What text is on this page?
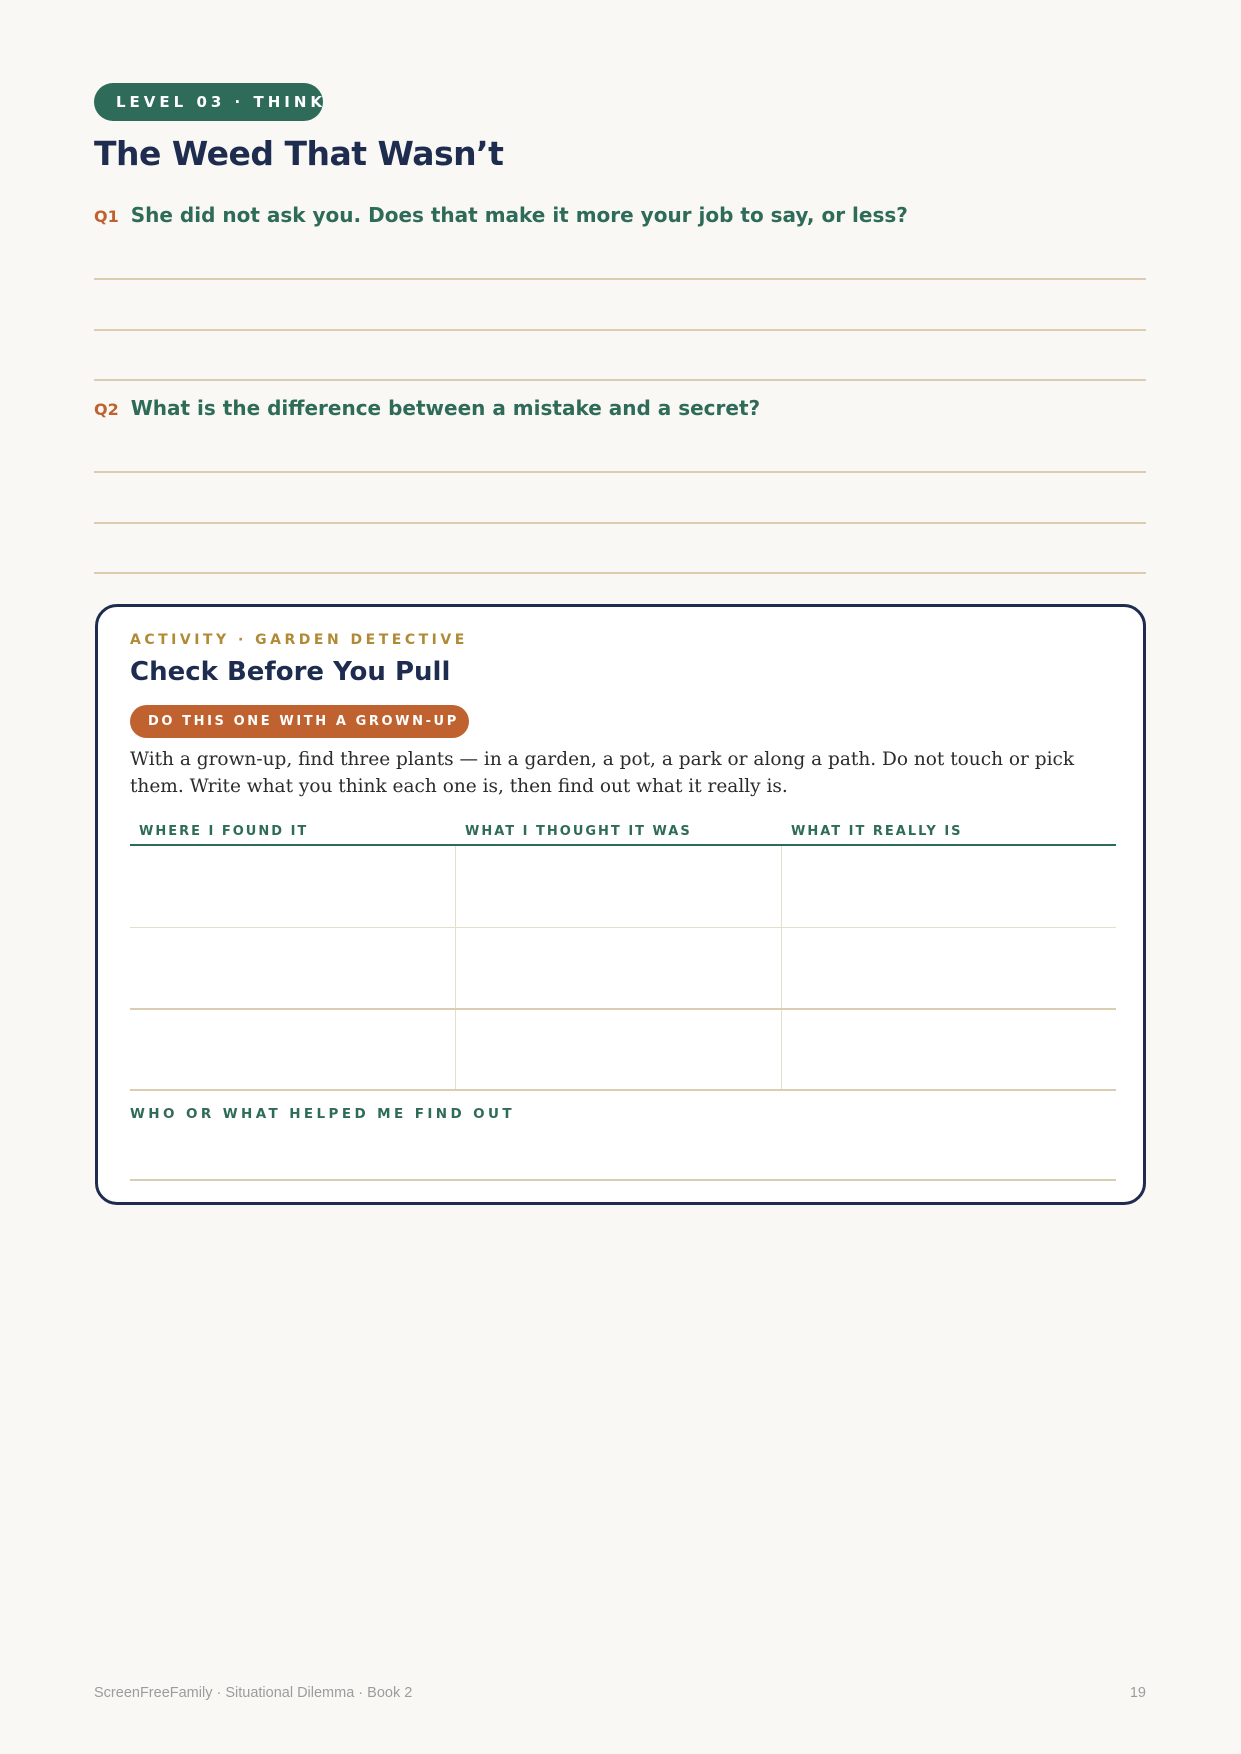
LEVEL 03 · THINK
The Weed That Wasn’t
Q1 She did not ask you. Does that make it more your job to say, or less?
Q2 What is the difference between a mistake and a secret?
ACTIVITY · GARDEN DETECTIVE
Check Before You Pull
DO THIS ONE WITH A GROWN-UP

With a grown-up, find three plants — in a garden, a pot, a park or along a path. Do not touch or pick them. Write what you think each one is, then find out what it really is.

WHERE I FOUND IT	WHAT I THOUGHT IT WAS	WHAT IT REALLY IS
WHO OR WHAT HELPED ME FIND OUT
ScreenFreeFamily · Situational Dilemma · Book 2	19
